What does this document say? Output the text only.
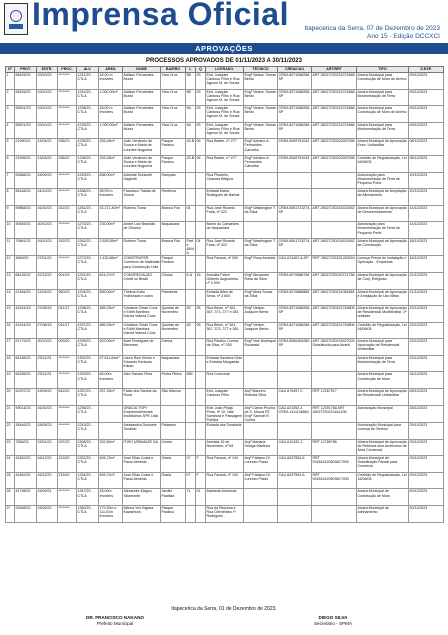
Imprensa Oficial Itapecerica da Serra, 07 de Dezembro de 2023
Ano 15 - Edição DCCXCI
APROVAÇÕES
PROCESSOS APROVADOS DE 01/11/2023 A 30/11/2023
Nº	PROT.	ENTR.	PROC.	ALV.	ÁREA	NOME	BAIRRO	L	Q	LOGRADO.	TÉCNICO	CREA/CAU	ART/RRT	TIPO	D.EXP.
1	55425/23	03/10/23	********	1241/23 - CTLA	18,00 m Imovens	Adilson Fernandes Muniz	Yara Cruz	9B	03	Estr. Joaquim Cardoso Filho e Rua Agenor M. de Souza	Engº Nelson Tomas Bento	CREA 5071068268-SP	ART 28027230231374668	Alvará Municipal para Construção de Muro de Arrimo	09/11/2023
2	55426/23	03/10/23	********	1242/23 - CTLA	1.000,00m²	Adilson Fernandes Muniz	Yara Cruz	9B	03	Estr. Joaquim Cardoso Filho e Rua Agenor M. de Souza	Engº Nelson Tomas Bento	CREA 5071068268-SP	ART 28027230231374668	Alvará Municipal para Movimentação de Terra	09/11/2023
3	55501/23	03/10/23	********	1238/23 - CTLA	18,00 m Imovens	Adilson Fernandes Muniz	Yara Cruz	9A	03	Estr. Joaquim Cardoso Filho e Rua Agenor M. de Souza	Engº Nelson Tomas Bento	CREA 5071068268-SP	ART 28027230231374668	Alvará Municipal para Construção de Muro de Arrimo	09/11/2023
4	55521/23	03/10/23	********	1239/23 - CTLA	1.000,00m²	Adilson Fernandes Muniz	Yara Cruz	9A	03	Estr. Joaquim Cardoso Filho e Rua Agenor M. de Souza	Engº Nelson Tomas Bento	CREA 5071068268-SP	ART 28027230231374668	Alvará Municipal para Movimentação de Terra	09/11/2023
5	21990/22	13/04/22	336/23	1235/23 - CTLA	226,28m²	João Venâncio de Souza e Maria de Lourdes Nogueira	Parque Paraíso	23-B	06	Rua Baxter, nº 277	Engº Adriano A. Fernandes Carvalho	CREA 5069791043	ART 28027230220267598	Alvará Municipal de Aprovação Exec. Unifamiliar	08/11/2023
6	21995/22	13/04/22	336/22	1236/23 - CTLA	226,28m²	João Venâncio de Souza e Maria de Lourdes Nogueira	Parque Paraíso	23-B	06	Rua Baxter, nº 277	Engº Adriano A. Fernandes Carvalho	CREA 5069791043	ART 28027230220267598	Certidão de Regularização, Lei 16/06/05	08/11/2023
7	52668/23	15/09/23	********	1249/23 - CTLA	638,00m²	Ademair Donizete Gagliotti	Sampaio			Rua Pisanelo, Chácara Bélgica				Autorização para Movimentação de Terra de Pequeno Porte	10/11/2023
8	58148/23	24/10/23	********	1288/23 - CTLA	98,93 m Imovens	Francisco Tiabas de Souza	Renbeca			Estrada Maria Rodrigues de Barbal				Alvará Municipal de Ampliação de Alinhamento	20/11/2023
9	59868/23	16/10/23	242/23	1261/23 - CTLA	33.271,40m²	Rubens Tuma	Branca Flor	04		Rua José Ricardo Faria, nº 322	Engº Washington T. da Silva	CREA 5061723274-SP	ART 28027230231621652	Alvará Municipal de Aprovação de Desmembramento	14/11/2023
10	50549/23	30/10/23	********	1275/23 - CTLA	235,00m²	André Luiz Brandão de Oliveira	Itaquaciara			Bairro do Camarões de Itaquaciara				Autorização para Movimentação de Terra de Pequeno Porte	14/11/2023
11	70661/23	16/10/23	242/23	1262/23 - CTLA	2.835,55m²	Rubens Tuma	Branca Flor	Parte 4B/4A	04	Rua José Ricardo Faria, nº 322	Engº Washington T. da Silva	CREA 5061723274-SP	ART 28027230231621652	Alvará Municipal de Aprovação de Construção	16/11/2023
12	4669/20	27/01/20	********	1272/23 - CTLA	1.432,66m²	CONSTRUFER Comércio de Materiais para Construção Ltda	Parque Paraíso			Rua Paraná, nº 000	Engº Rosa Almeida	CAU A74467-6-SP	RRT 28027230231263004	Licença Prévia de Instalação e Operação - Empresas	16/11/2023
13	68135/22	22/12/22	001/23	1291/23 - CTLA	624,27m²	CONGREGAÇÃO Cristã no Brasil	Clínica	5-A	16	Avenida Felice Gilberto Augustinho, nº 2.000	Engº Alexandre Rosa da Silva	CREA 5070688798	ART 28027230230721758	Alvará Municipal de Aprovação de Conj. Religioso	21/11/2023
14	21484/23	12/04/23	060/23	1294/23 - CTLA	836,00m²	Thelma Kobo Yoshizawa e outra	Palmeiras			Estrada Alfeu de Sena, nº 2.600	Engº Alma Sousa da Silva	CREA 5070888888	ART 28027230231081564	Alvará Municipal de Aprovação e Ampliação de Uso Misto	21/11/2023
15	41924/15	27/08/15	041/17	1298/23 - CTLA	485,33m²	Cristiane Chiari Cunz e Edith Martinez Garcia Vianna Cunz	Quintas de Novembro	26	05	Rua Bévin, nº 361, 367, 373, 377 e 381	Engº Nelson Joaquim Bento	CREA 5071068268-SP	ART 28027230231749806	Alvará Municipal de Aprovação de Residencial Multifamiliar, 1ª unidade	23/11/2023
16	41924/15	27/08/15	041/17	1297/23 - CTLA	485,33m²	Cristiane Chiari Cunz e Edith Martinez Garcia Vianna Cunz	Quintas de Novembro	26	05	Rua Bévin, nº 361, 367, 373, 377 e 381	Engº Nelson Joaquim Bento	CREA 5071068268-SP	ART 28027230231749806	Certidão de Regularização, Lei 16/06/05	23/11/2023
17	57179/23	20/10/23	009/20	1299/23 - CTLA	202,00m²	Ilzeé Rodrigues de Menezes	Crema			Rua Paulino Correa da Silva, nº 335	Engº Noé Noeleque Rozanski	CREA 5060406280-SP	ART 28027230231627003 Substituída para Alvará	Alvará Municipal para Aprovação de Residencial Unifamiliar	23/11/2023
18	64188/23	23/11/23	********	1302/23 - CTLA	27.611,64m²	Laura Rosi Kikuto e Eduardo Kenkudo Kikuto	Itaquaciara			Estrada Santana Gido e Estrada Margarida				Alvará Municipal para Movimentação de Terra	23/11/2023
19	64296/23	23/11/23	********	1303/23 - CTLA	65,00m Imovens	Alex Sandro Pires	Pedra Pintra	MM		Rua Concorda				Alvará Municipal para Construção de Muro	24/11/2023
20	52297/22	19/09/22	542/22	1257/23 - CTLA	257,33m²	Fabio dos Santos da Rosa	São Marcos			Estr. Joaquim Cardoso Filho	Arqº Maurem Roberta Silva	CAU A79497-0	RRT 12267917	Alvará Municipal de Aprovação de Residencial Unifamiliar	28/11/2023
21	59014/23	16/10/23	********	1295/23 - CTLA		GRACIA TSPY Empreendimentos Imobiliários SPE Ltda				Estr. João Pirajá Pinto, nº 10, Vale Sambora e Passagem Pública	Arqº Carlos Prucha de S. Moura RT: Engº Samuel R. Cunha	CAU A21052-4 CREA 1411106864	RRT 12391768 ART 28027230221461206	Autorização Municipal	28/11/2023
22	28446/23	18/05/23	********	1243/23 - CTLA		Alessandra Donizete Tonalski	Palavera			Estrada dos Tonalskis				Autorização Municipal para Licença de Terreno	29/11/2023
23	7556/23	19/01/23	037/23	1308/23 - CTLA	202,50m²	ITWO URBANIZE DA	Centro			Avenida 15 de Novembro, nº 84	Arqº Mariana Ortega Martinez	CAU A12432-2	RRT 12789786	Alvará Municipal de Aprovação de Reforma sem Acréscimo de Área Comercial	29/11/2023
24	41652/20	16/12/20	215/20	1332/23 - CTLA	626,72m²	José Elias Costa e Paulo Almeida	Olaria	07	F	Rua Paraná, nº 194	Arqº Fabiano Di Lorenzo Prado	CAU A037554-6	RRT 9318161205038C7092	Alvará Municipal de Substituição Parcial para Comércio	29/11/2023
25	41652/20	16/12/20	215/20	1334/23 - CTLA	626,72m²	José Elias Costa e Paulo Almeida	Olaria	07	F	Rua Paraná, nº 194	Arqº Fabiano Di Lorenzo Prado	CAU A037554-6	RRT 9318161205038C7092	Certidão de Regularização, Lei 16/06/05	29/11/2023
26	41798/22	15/09/21	********	1347/23 - CTLA	18,00m Imovens	Alexandre Magno Talamonte	Jardim Paulista	71	01	Alameda Americas				Alvará Municipal de Construção de Muro	30/11/2023
27	53998/22	15/09/22	********	1350/23 - CTLA	179,30m e 111,51m Imovens	Milena Yuli Gigasa Kawamura	Parque Paraíso			Rua da Represa e Rua Clementino P. Rodrigues				Alvará Municipal de Alinhamento	30/11/2023
Itapecerica da Serra, 01 de Dezembro de 2023.
DR. FRANCISCO NAKANO
Prefeito Municipal
DIEGO SILVA
Secretário - SPMA
